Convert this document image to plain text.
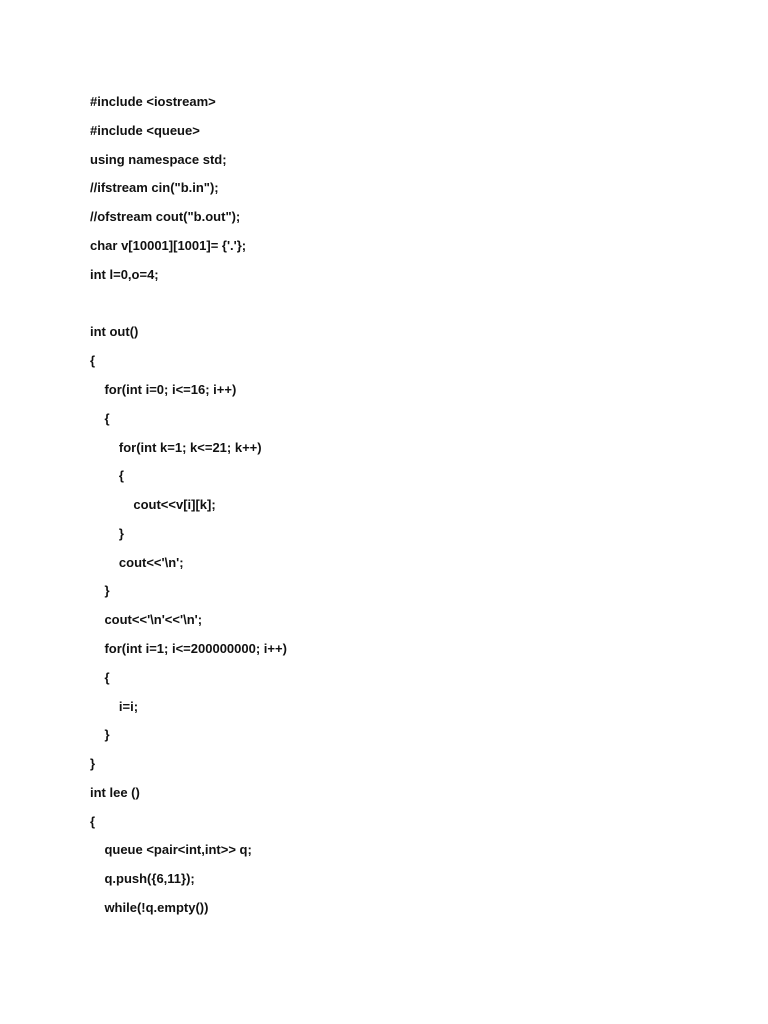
#include <iostream>
#include <queue>
using namespace std;
//ifstream cin("b.in");
//ofstream cout("b.out");
char v[10001][1001]= {'.'};
int l=0,o=4;
int out()
{
for(int i=0; i<=16; i++)
{
for(int k=1; k<=21; k++)
{
cout<<v[i][k];
}
cout<<'\n';
}
cout<<'\n'<<'\n';
for(int i=1; i<=200000000; i++)
{
i=i;
}
}
int lee ()
{
queue <pair<int,int>> q;
q.push({6,11});
while(!q.empty())
